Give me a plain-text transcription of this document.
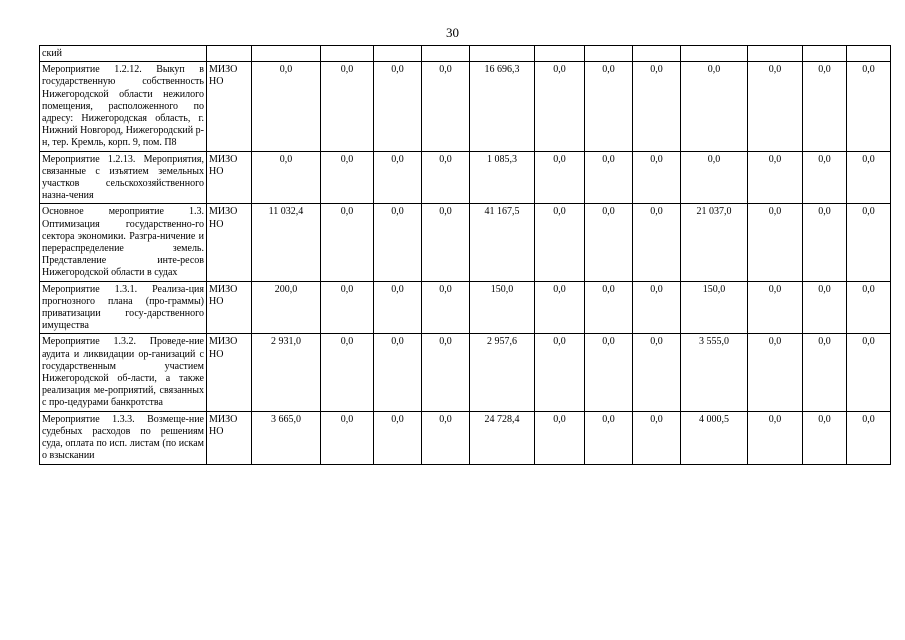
30
ский													
Мероприятие 1.2.12. Выкуп в государственную собственность Нижегородской области нежилого помещения, расположенного по адресу: Нижегородская область, г. Нижний Новгород, Нижегородский р-н, тер. Кремль, корп. 9, пом. П8	МИЗО НО	0,0	0,0	0,0	0,0	16 696,3	0,0	0,0	0,0	0,0	0,0	0,0	0,0
Мероприятие 1.2.13. Мероприятия, связанные с изъятием земельных участков сельскохозяйственного назна-чения	МИЗО НО	0,0	0,0	0,0	0,0	1 085,3	0,0	0,0	0,0	0,0	0,0	0,0	0,0
Основное мероприятие 1.3. Оптимизация государственно-го сектора экономики. Разгра-ничение и перераспределение земель. Представление инте-ресов Нижегородской области в судах	МИЗО НО	11 032,4	0,0	0,0	0,0	41 167,5	0,0	0,0	0,0	21 037,0	0,0	0,0	0,0
Мероприятие 1.3.1. Реализа-ция прогнозного плана (про-граммы) приватизации госу-дарственного имущества	МИЗО НО	200,0	0,0	0,0	0,0	150,0	0,0	0,0	0,0	150,0	0,0	0,0	0,0
Мероприятие 1.3.2. Проведе-ние аудита и ликвидации ор-ганизаций с государственным участием Нижегородской об-ласти, а также реализация ме-роприятий, связанных с про-цедурами банкротства	МИЗО НО	2 931,0	0,0	0,0	0,0	2 957,6	0,0	0,0	0,0	3 555,0	0,0	0,0	0,0
Мероприятие 1.3.3. Возмеще-ние судебных расходов по решениям суда, оплата по исп. листам (по искам о взыскании	МИЗО НО	3 665,0	0,0	0,0	0,0	24 728,4	0,0	0,0	0,0	4 000,5	0,0	0,0	0,0
